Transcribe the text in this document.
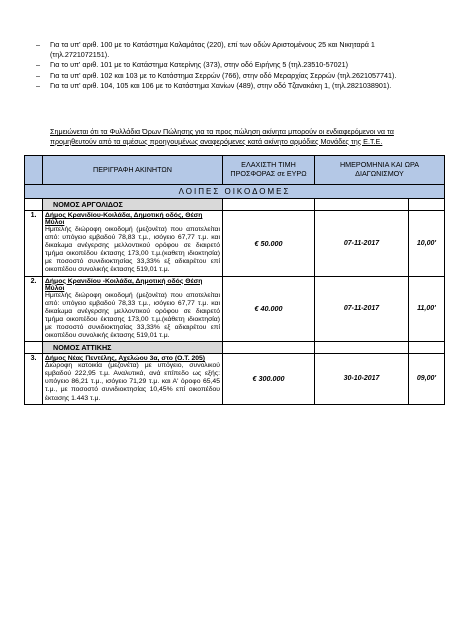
–	Για τα υπ' αριθ. 100 με το Κατάστημα Καλαμάτας (220), επί των οδών Αριστομένους 25 και Νικηταρά 1 (τηλ.2721072151).
–	Για το υπ' αριθ. 101 με το Κατάστημα Κατερίνης (373), στην οδό Ειρήνης 5 (τηλ.23510-57021)
–	Για τα υπ' αριθ. 102 και 103 με το Κατάστημα Σερρών (766), στην οδό Μεραρχίας Σερρών (τηλ.2621057741).
–	Για τα υπ' αριθ. 104, 105 και 106 με το Κατάστημα Χανίων (489), στην οδό Τζανακάκη 1, (τηλ.2821038901).
Σημειώνεται ότι τα Φυλλάδια Όρων Πώλησης για τα προς πώληση ακίνητα μπορούν οι ενδιαφερόμενοι να τα προμηθευτούν από τα αμέσως προηγουμένως αναφερόμενες κατά ακίνητο αρμόδιες Μονάδες της Ε.Τ.Ε.
	ΠΕΡΙΓΡΑΦΗ ΑΚΙΝΗΤΩΝ	ΕΛΑΧΙΣΤΗ ΤΙΜΗ ΠΡΟΣΦΟΡΑΣ σε ΕΥΡΩ	ΗΜΕΡΟΜΗΝΙΑ ΚΑΙ ΩΡΑ ΔΙΑΓΩΝΙΣΜΟΥ	
ΛΟΙΠΕΣ ΟΙΚΟΔΟΜΕΣ				
	ΝΟΜΟΣ ΑΡΓΟΛΙΔΟΣ			
1.	Δήμος Κρανιδίου-Κοιλάδα, Δημοτική οδός, Θέση Μύλοι
Ημιτελής διώροφη οικοδομή (μεζονέτα) που αποτελείται από: υπόγειο εμβαδού 78,83 τ.μ., ισόγειο 67,77 τ.μ. και δικαίωμα ανέγερσης μελλοντικού ορόφου σε διαιρετό τμήμα οικοπέδου έκτασης 173,00 τ.μ.(καθετη ιδιοκτησία) με ποσοστό συνιδιοκτησίας 33,33% εξ αδιαιρέτου επί οικοπέδου συνολικής έκτασης 519,01 τ.μ.	€ 50.000	07-11-2017	10,00'
2.	Δήμος Κρανιδίου -Κοιλάδα, Δημοτική οδός Θέση Μύλοι
Ημιτελής διώροφη οικοδομή (μεζονέτα) που αποτελείται από: υπόγειο εμβαδού 78,33 τ.μ., ισόγειο 67,77 τ.μ. και δικαίωμα ανέγερσης μελλοντικού ορόφου σε διαιρετό τμήμα οικοπέδου έκτασης 173,00 τ.μ.(κάθετη ιδιοκτησία) με ποσοστό συνιδιοκτησίας 33,33% εξ αδιαιρέτου επί οικοπέδου συνολικής έκτασης 519,01 τ.μ.	€ 40.000	07-11-2017	11,00'
	ΝΟΜΟΣ ΑΤΤΙΚΗΣ			
3.	Δήμος Νέας Πεντέλης, Αχελώου 3α, στο (Ο.Τ. 205)
Διώροφη κατοικία (μεζονέτα) με υπόγειο, συνολικού εμβαδού 222,95 τ.μ. Αναλυτικά, ανά επίπεδο ως εξής: υπόγειο 86,21 τ.μ., ισόγειο 71,29 τ.μ. και Α' όροφο 65,45 τ.μ., με ποσοστό συνιδιοκτησίας 10,45% επί οικοπέδου έκτασης 1.443 τ.μ.	€ 300.000	30-10-2017	09,00'
